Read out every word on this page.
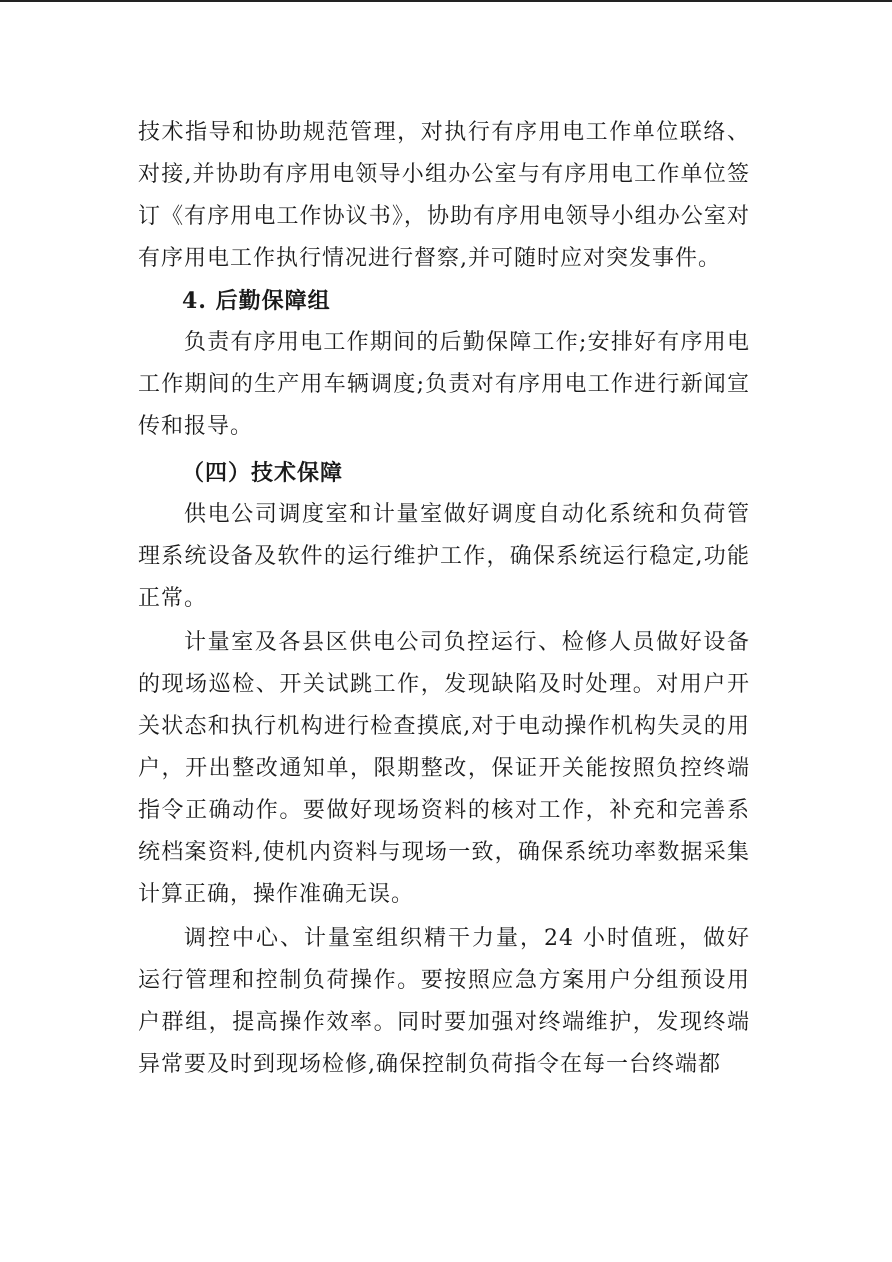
技术指导和协助规范管理，对执行有序用电工作单位联络、对接,并协助有序用电领导小组办公室与有序用电工作单位签订《有序用电工作协议书》，协助有序用电领导小组办公室对有序用电工作执行情况进行督察,并可随时应对突发事件。

4. 后勤保障组

负责有序用电工作期间的后勤保障工作;安排好有序用电工作期间的生产用车辆调度;负责对有序用电工作进行新闻宣传和报导。

（四）技术保障

供电公司调度室和计量室做好调度自动化系统和负荷管理系统设备及软件的运行维护工作，确保系统运行稳定,功能正常。

计量室及各县区供电公司负控运行、检修人员做好设备的现场巡检、开关试跳工作，发现缺陷及时处理。对用户开关状态和执行机构进行检查摸底,对于电动操作机构失灵的用户，开出整改通知单，限期整改，保证开关能按照负控终端指令正确动作。要做好现场资料的核对工作，补充和完善系统档案资料,使机内资料与现场一致，确保系统功率数据采集计算正确，操作准确无误。

调控中心、计量室组织精干力量，24 小时值班，做好运行管理和控制负荷操作。要按照应急方案用户分组预设用户群组，提高操作效率。同时要加强对终端维护，发现终端异常要及时到现场检修,确保控制负荷指令在每一台终端都
